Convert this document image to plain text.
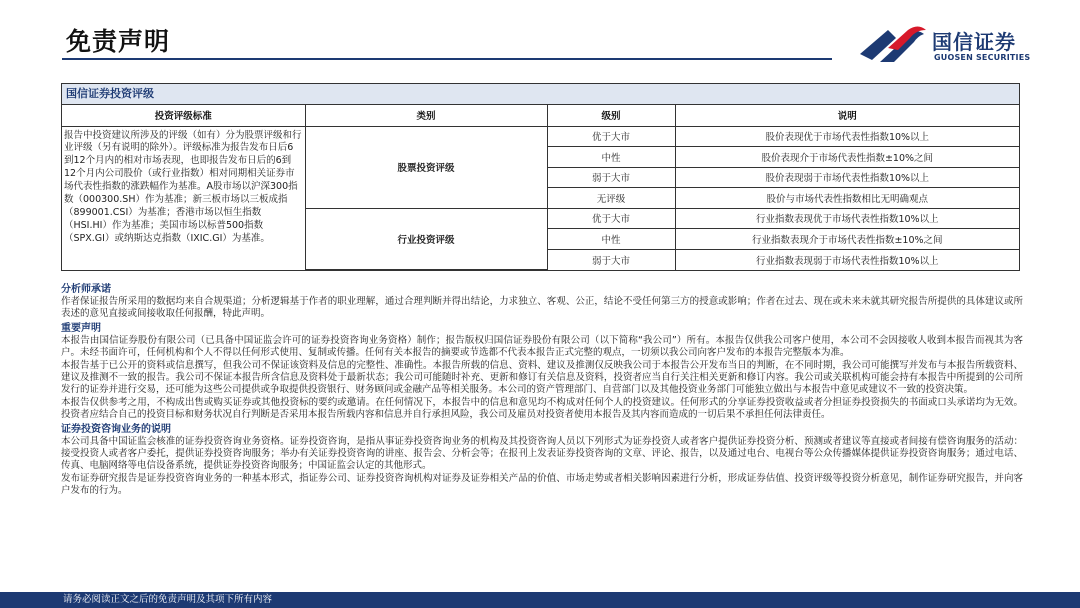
免责声明	国信证券
GUOSEN SECURITIES
国信证券投资评级
投资评级标准	类别	级别	说明
报告中投资建议所涉及的评级（如有）分为股票评级和行业评级（另有说明的除外）。评级标准为报告发布日后6到12个月内的相对市场表现，也即报告发布日后的6到12个月内公司股价（或行业指数）相对同期相关证券市场代表性指数的涨跌幅作为基准。A股市场以沪深300指数（000300.SH）作为基准；新三板市场以三板成指（899001.CSI）为基准；香港市场以恒生指数（HSI.HI）作为基准；美国市场以标普500指数（SPX.GI）或纳斯达克指数（IXIC.GI）为基准。	股票投资评级	优于大市	股价表现优于市场代表性指数10%以上
		中性	股价表现介于市场代表性指数±10%之间
		弱于大市	股价表现弱于市场代表性指数10%以上
		无评级	股价与市场代表性指数相比无明确观点
	行业投资评级	优于大市	行业指数表现优于市场代表性指数10%以上
		中性	行业指数表现介于市场代表性指数±10%之间
		弱于大市	行业指数表现弱于市场代表性指数10%以上
分析师承诺

作者保证报告所采用的数据均来自合规渠道；分析逻辑基于作者的职业理解，通过合理判断并得出结论，力求独立、客观、公正，结论不受任何第三方的授意或影响；作者在过去、现在或未来未就其研究报告所提供的具体建议或所表述的意见直接或间接收取任何报酬，特此声明。

重要声明

本报告由国信证券股份有限公司（已具备中国证监会许可的证券投资咨询业务资格）制作；报告版权归国信证券股份有限公司（以下简称“我公司”）所有。本报告仅供我公司客户使用，本公司不会因接收人收到本报告而视其为客户。未经书面许可，任何机构和个人不得以任何形式使用、复制或传播。任何有关本报告的摘要或节选都不代表本报告正式完整的观点，一切须以我公司向客户发布的本报告完整版本为准。

本报告基于已公开的资料或信息撰写，但我公司不保证该资料及信息的完整性、准确性。本报告所载的信息、资料、建议及推测仅反映我公司于本报告公开发布当日的判断，在不同时期，我公司可能撰写并发布与本报告所载资料、建议及推测不一致的报告。我公司不保证本报告所含信息及资料处于最新状态；我公司可能随时补充、更新和修订有关信息及资料，投资者应当自行关注相关更新和修订内容。我公司或关联机构可能会持有本报告中所提到的公司所发行的证券并进行交易，还可能为这些公司提供或争取提供投资银行、财务顾问或金融产品等相关服务。本公司的资产管理部门、自营部门以及其他投资业务部门可能独立做出与本报告中意见或建议不一致的投资决策。

本报告仅供参考之用，不构成出售或购买证券或其他投资标的要约或邀请。在任何情况下，本报告中的信息和意见均不构成对任何个人的投资建议。任何形式的分享证券投资收益或者分担证券投资损失的书面或口头承诺均为无效。投资者应结合自己的投资目标和财务状况自行判断是否采用本报告所载内容和信息并自行承担风险，我公司及雇员对投资者使用本报告及其内容而造成的一切后果不承担任何法律责任。

证券投资咨询业务的说明

本公司具备中国证监会核准的证券投资咨询业务资格。证券投资咨询，是指从事证券投资咨询业务的机构及其投资咨询人员以下列形式为证券投资人或者客户提供证券投资分析、预测或者建议等直接或者间接有偿咨询服务的活动：接受投资人或者客户委托，提供证券投资咨询服务；举办有关证券投资咨询的讲座、报告会、分析会等；在报刊上发表证券投资咨询的文章、评论、报告，以及通过电台、电视台等公众传播媒体提供证券投资咨询服务；通过电话、传真、电脑网络等电信设备系统，提供证券投资咨询服务；中国证监会认定的其他形式。

发布证券研究报告是证券投资咨询业务的一种基本形式，指证券公司、证券投资咨询机构对证券及证券相关产品的价值、市场走势或者相关影响因素进行分析，形成证券估值、投资评级等投资分析意见，制作证券研究报告，并向客户发布的行为。

请务必阅读正文之后的免责声明及其项下所有内容
